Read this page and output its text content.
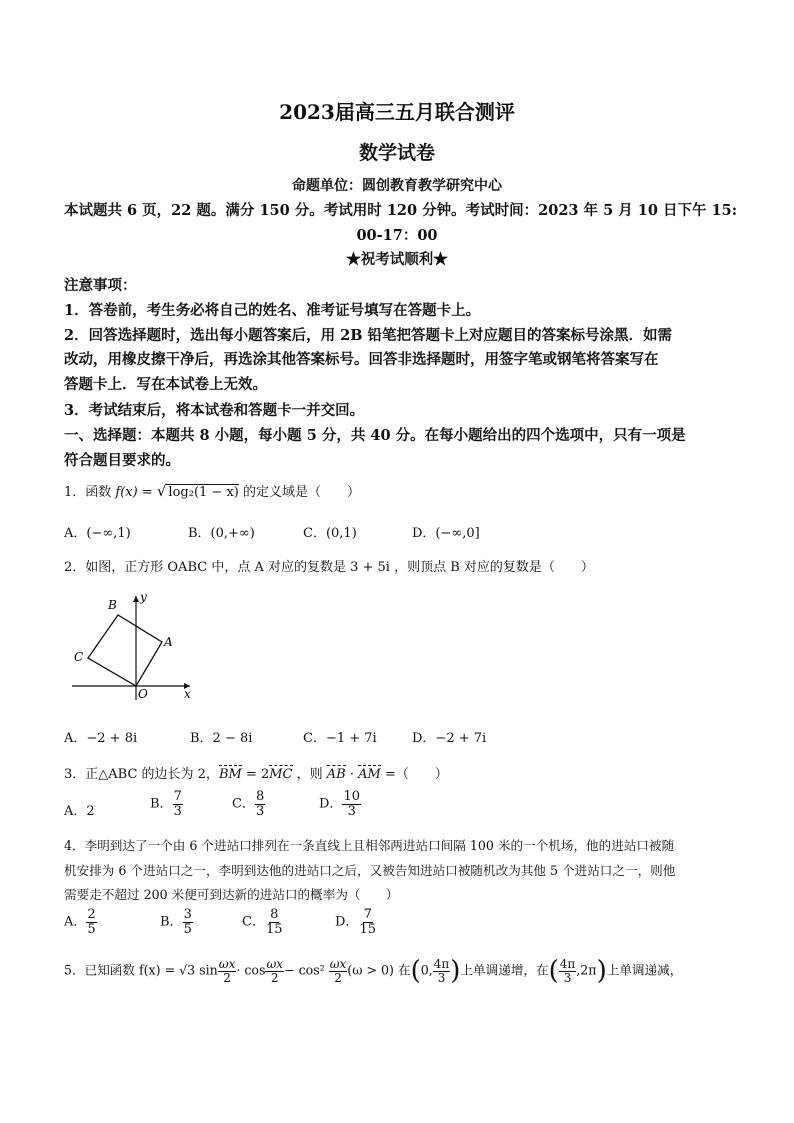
2023届高三五月联合测评
数学试卷
命题单位：圆创教育教学研究中心
本试题共 6 页，22 题。满分 150 分。考试用时 120 分钟。考试时间：2023 年 5 月 10 日下午 15:
00-17：00
★祝考试顺利★
注意事项：
1．答卷前，考生务必将自己的姓名、准考证号填写在答题卡上。
2．回答选择题时，选出每小题答案后，用 2B 铅笔把答题卡上对应题目的答案标号涂黑．如需
改动，用橡皮擦干净后，再选涂其他答案标号。回答非选择题时，用签字笔或钢笔将答案写在
答题卡上．写在本试卷上无效。
3．考试结束后，将本试卷和答题卡一并交回。
一、选择题：本题共 8 小题，每小题 5 分，共 40 分。在每小题给出的四个选项中，只有一项是
符合题目要求的。
1．函数 f(x) = √ log₂(1 − x) 的定义域是（　　）
A．(−∞,1)	B．(0,+∞)	C．(0,1)	D．(−∞,0]
2．如图，正方形 OABC 中，点 A 对应的复数是 3 + 5i ，则顶点 B 对应的复数是（　　）
B
A
C
O	x
y
A．−2 + 8i	B．2 − 8i	C．−1 + 7i	D．−2 + 7i
3．正△ABC 的边长为 2，BM = 2MC ，则 AB · AM =（　　）
A．2	B． $\frac{7}{3}$	C． $\frac{8}{3}$	D． $\frac{10}{3}$
4．李明到达了一个由 6 个进站口排列在一条直线上且相邻两进站口间隔 100 米的一个机场，他的进站口被随
机安排为 6 个进站口之一，李明到达他的进站口之后，又被告知进站口被随机改为其他 5 个进站口之一，则他
需要走不超过 200 米便可到达新的进站口的概率为（　　）
A． $\frac{2}{5}$	B． $\frac{3}{5}$	C． $\frac{8}{15}$	D． $\frac{7}{15}$
5．已知函数 f(x) = √3 $\sin \frac{\omega x}{2} \cdot \cos \frac{\omega x}{2} - \cos^2 \frac{\omega x}{2} (\omega > 0)$ 在(0, $\frac{4\pi}{3}$ )上单调递增，在( $\frac{4\pi}{3} ,2\pi$)上单调递减，
